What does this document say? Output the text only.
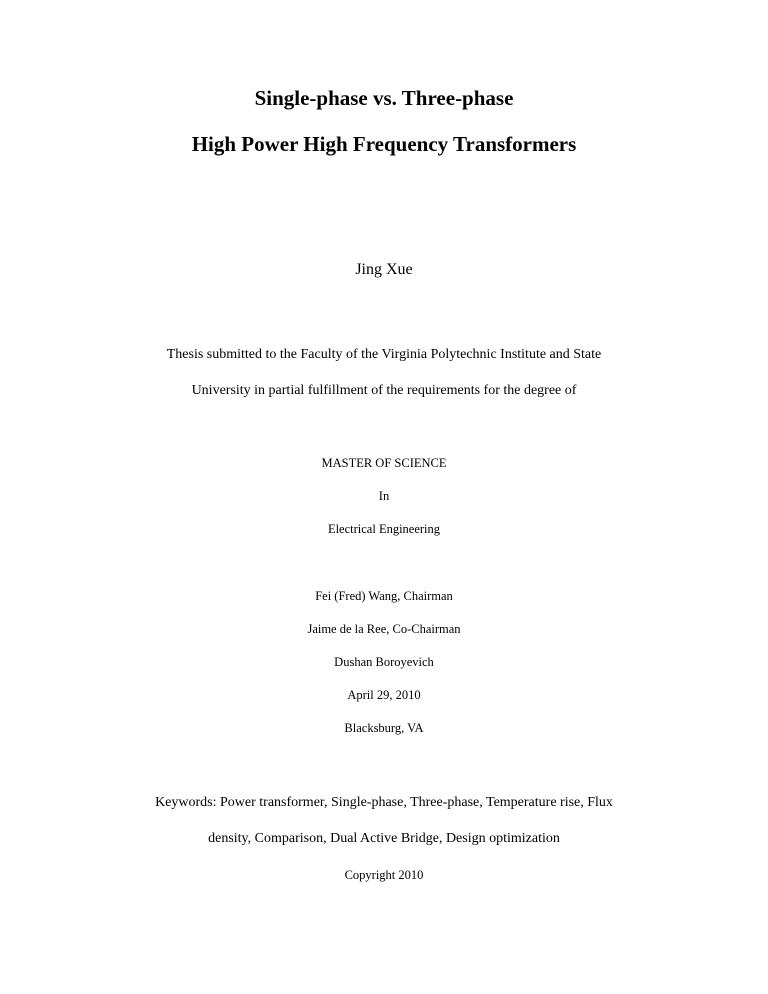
Single-phase vs. Three-phase
High Power High Frequency Transformers
Jing Xue
Thesis submitted to the Faculty of the Virginia Polytechnic Institute and State
University in partial fulfillment of the requirements for the degree of
MASTER OF SCIENCE
In
Electrical Engineering
Fei (Fred) Wang, Chairman
Jaime de la Ree, Co-Chairman
Dushan Boroyevich
April 29, 2010
Blacksburg, VA
Keywords: Power transformer, Single-phase, Three-phase, Temperature rise, Flux
density, Comparison, Dual Active Bridge, Design optimization
Copyright 2010
